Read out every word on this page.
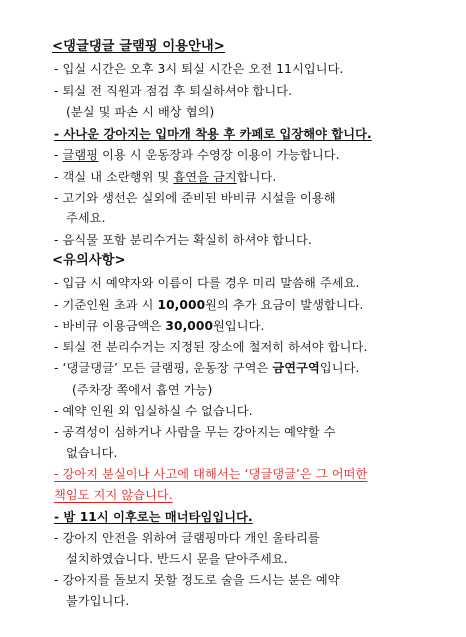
<댕글댕글 글램핑 이용안내>
- 입실 시간은 오후 3시 퇴실 시간은 오전 11시입니다.
- 퇴실 전 직원과 점검 후 퇴실하셔야 합니다.
(분실 및 파손 시 배상 협의)
- 사나운 강아지는 입마개 착용 후 카페로 입장해야 합니다.
- 글램핑 이용 시 운동장과 수영장 이용이 가능합니다.
- 객실 내 소란행위 및 흡연을 금지합니다.
- 고기와 생선은 실외에 준비된 바비큐 시설을 이용해
주세요.
- 음식물 포함 분리수거는 확실히 하셔야 합니다.
<유의사항>
- 입금 시 예약자와 이름이 다를 경우 미리 말씀해 주세요.
- 기준인원 초과 시 10,000원의 추가 요금이 발생합니다.
- 바비큐 이용금액은 30,000원입니다.
- 퇴실 전 분리수거는 지정된 장소에 철저히 하셔야 합니다.
- ‘댕글댕글’ 모든 글램핑, 운동장 구역은 금연구역입니다.
(주차장 쪽에서 흡연 가능)
- 예약 인원 외 입실하실 수 없습니다.
- 공격성이 심하거나 사람을 무는 강아지는 예약할 수
없습니다.
- 강아지 분실이나 사고에 대해서는 ‘댕글댕글’은 그 어떠한
책임도 지지 않습니다.
- 밤 11시 이후로는 매너타임입니다.
- 강아지 안전을 위하여 글램핑마다 개인 울타리를
설치하였습니다. 반드시 문을 닫아주세요.
- 강아지를 돌보지 못할 정도로 술을 드시는 분은 예약
불가입니다.
